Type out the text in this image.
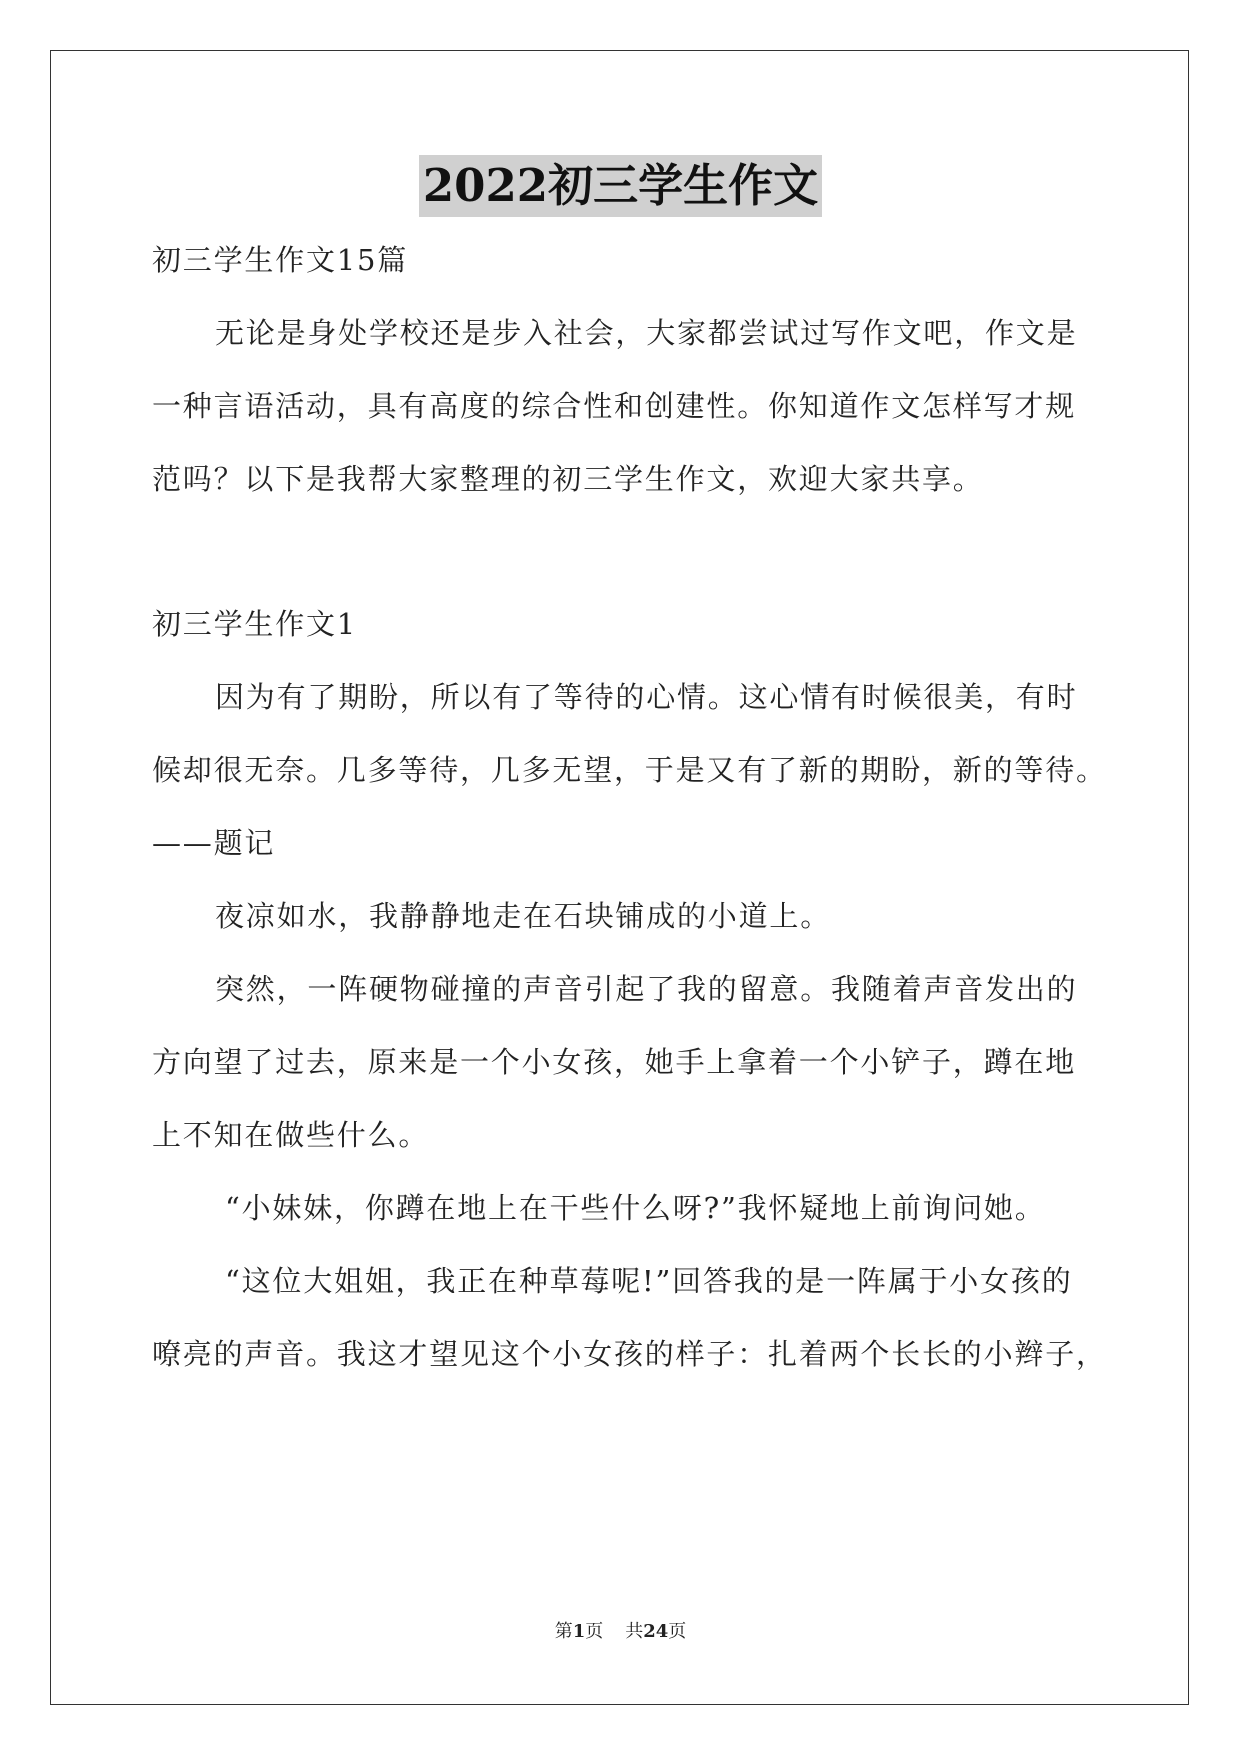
2022初三学生作文

初三学生作文15篇

无论是身处学校还是步入社会，大家都尝试过写作文吧，作文是

一种言语活动，具有高度的综合性和创建性。你知道作文怎样写才规

范吗？以下是我帮大家整理的初三学生作文，欢迎大家共享。

初三学生作文1

因为有了期盼，所以有了等待的心情。这心情有时候很美，有时

候却很无奈。几多等待，几多无望，于是又有了新的期盼，新的等待。

——题记

夜凉如水，我静静地走在石块铺成的小道上。

突然，一阵硬物碰撞的声音引起了我的留意。我随着声音发出的

方向望了过去，原来是一个小女孩，她手上拿着一个小铲子，蹲在地

上不知在做些什么。

“小妹妹，你蹲在地上在干些什么呀?”我怀疑地上前询问她。

“这位大姐姐，我正在种草莓呢!”回答我的是一阵属于小女孩的

嘹亮的声音。我这才望见这个小女孩的样子：扎着两个长长的小辫子，

第1页 共24页
